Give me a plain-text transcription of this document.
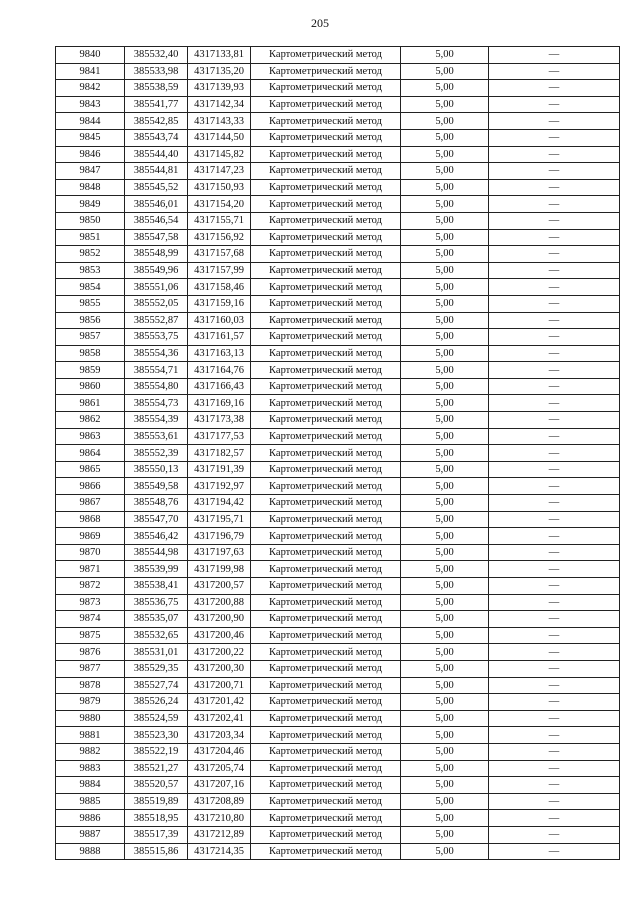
205
9840	385532,40	4317133,81	Картометрический метод	5,00	—
9841	385533,98	4317135,20	Картометрический метод	5,00	—
9842	385538,59	4317139,93	Картометрический метод	5,00	—
9843	385541,77	4317142,34	Картометрический метод	5,00	—
9844	385542,85	4317143,33	Картометрический метод	5,00	—
9845	385543,74	4317144,50	Картометрический метод	5,00	—
9846	385544,40	4317145,82	Картометрический метод	5,00	—
9847	385544,81	4317147,23	Картометрический метод	5,00	—
9848	385545,52	4317150,93	Картометрический метод	5,00	—
9849	385546,01	4317154,20	Картометрический метод	5,00	—
9850	385546,54	4317155,71	Картометрический метод	5,00	—
9851	385547,58	4317156,92	Картометрический метод	5,00	—
9852	385548,99	4317157,68	Картометрический метод	5,00	—
9853	385549,96	4317157,99	Картометрический метод	5,00	—
9854	385551,06	4317158,46	Картометрический метод	5,00	—
9855	385552,05	4317159,16	Картометрический метод	5,00	—
9856	385552,87	4317160,03	Картометрический метод	5,00	—
9857	385553,75	4317161,57	Картометрический метод	5,00	—
9858	385554,36	4317163,13	Картометрический метод	5,00	—
9859	385554,71	4317164,76	Картометрический метод	5,00	—
9860	385554,80	4317166,43	Картометрический метод	5,00	—
9861	385554,73	4317169,16	Картометрический метод	5,00	—
9862	385554,39	4317173,38	Картометрический метод	5,00	—
9863	385553,61	4317177,53	Картометрический метод	5,00	—
9864	385552,39	4317182,57	Картометрический метод	5,00	—
9865	385550,13	4317191,39	Картометрический метод	5,00	—
9866	385549,58	4317192,97	Картометрический метод	5,00	—
9867	385548,76	4317194,42	Картометрический метод	5,00	—
9868	385547,70	4317195,71	Картометрический метод	5,00	—
9869	385546,42	4317196,79	Картометрический метод	5,00	—
9870	385544,98	4317197,63	Картометрический метод	5,00	—
9871	385539,99	4317199,98	Картометрический метод	5,00	—
9872	385538,41	4317200,57	Картометрический метод	5,00	—
9873	385536,75	4317200,88	Картометрический метод	5,00	—
9874	385535,07	4317200,90	Картометрический метод	5,00	—
9875	385532,65	4317200,46	Картометрический метод	5,00	—
9876	385531,01	4317200,22	Картометрический метод	5,00	—
9877	385529,35	4317200,30	Картометрический метод	5,00	—
9878	385527,74	4317200,71	Картометрический метод	5,00	—
9879	385526,24	4317201,42	Картометрический метод	5,00	—
9880	385524,59	4317202,41	Картометрический метод	5,00	—
9881	385523,30	4317203,34	Картометрический метод	5,00	—
9882	385522,19	4317204,46	Картометрический метод	5,00	—
9883	385521,27	4317205,74	Картометрический метод	5,00	—
9884	385520,57	4317207,16	Картометрический метод	5,00	—
9885	385519,89	4317208,89	Картометрический метод	5,00	—
9886	385518,95	4317210,80	Картометрический метод	5,00	—
9887	385517,39	4317212,89	Картометрический метод	5,00	—
9888	385515,86	4317214,35	Картометрический метод	5,00	—
